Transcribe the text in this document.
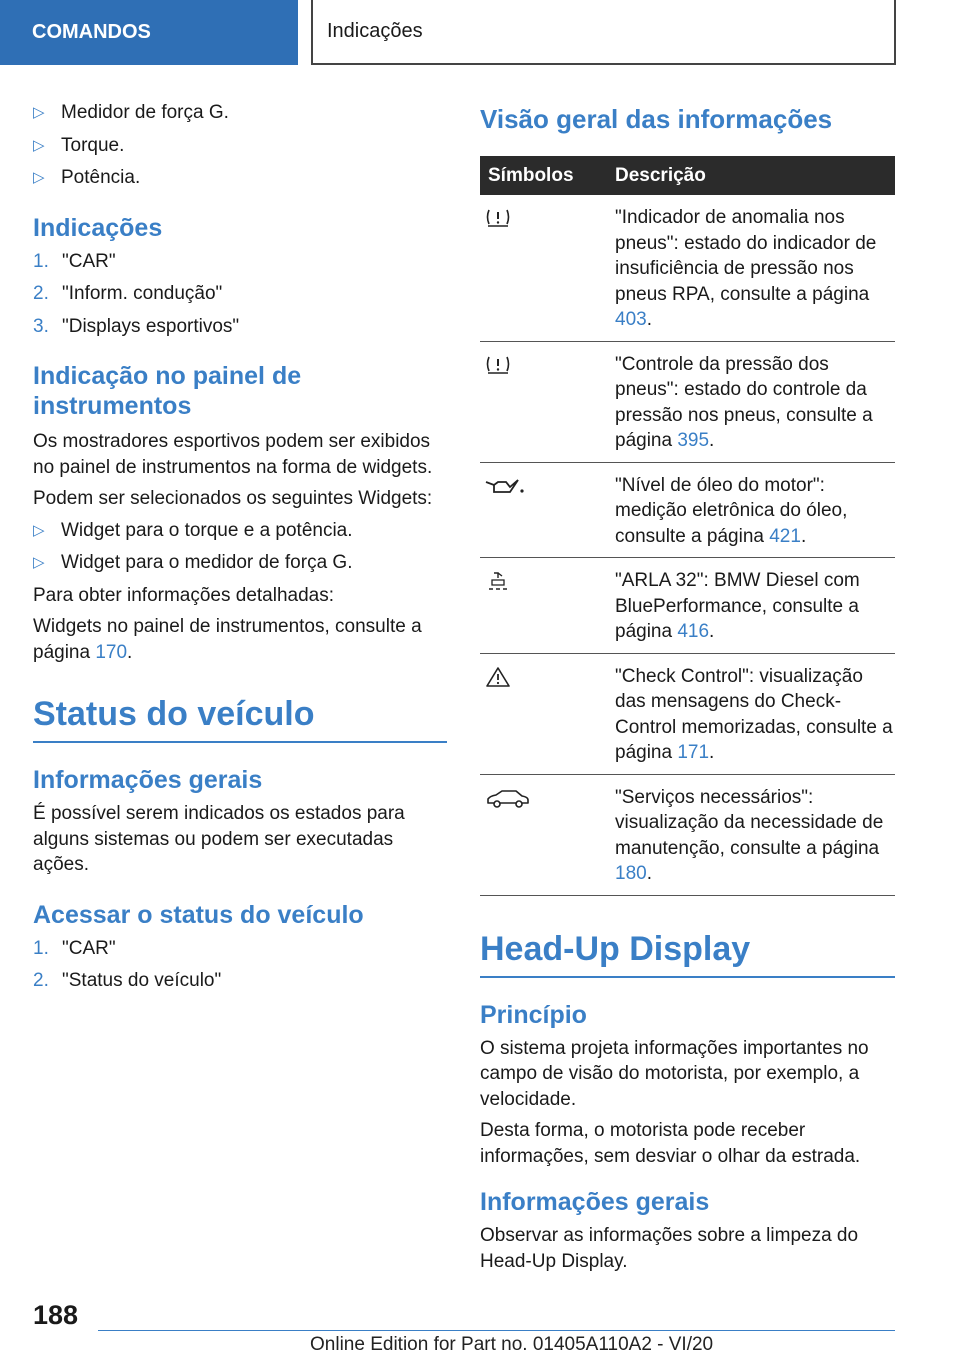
COMANDOS	Indicações
▷ Medidor de força G.
▷ Torque.
▷ Potência.
Indicações
1. "CAR"
2. "Inform. condução"
3. "Displays esportivos"
Indicação no painel de instrumentos

Os mostradores esportivos podem ser exibidos no painel de instrumentos na forma de widgets.

Podem ser selecionados os seguintes Widgets:

▷ Widget para o torque e a potência.
▷ Widget para o medidor de força G.

Para obter informações detalhadas:

Widgets no painel de instrumentos, consulte a página 170.

Status do veículo
Informações gerais

É possível serem indicados os estados para alguns sistemas ou podem ser executadas ações.

Acessar o status do veículo
1. "CAR"
2. "Status do veículo"
Visão geral das informações
Símbolos	Descrição

	"Indicador de anomalia nos pneus": estado do indicador de insuficiência de pressão nos pneus RPA, consulte a página 403.

	"Controle da pressão dos pneus": estado do controle da pressão nos pneus, consulte a página 395.

	"Nível de óleo do motor": medição eletrônica do óleo, consulte a página 421.

	"ARLA 32": BMW Diesel com BluePerformance, consulte a página 416.

	"Check Control": visualização das mensagens do Check-Control memorizadas, consulte a página 171.

	"Serviços necessários": visualização da necessidade de manutenção, consulte a página 180.
Head-Up Display
Princípio

O sistema projeta informações importantes no campo de visão do motorista, por exemplo, a velocidade.

Desta forma, o motorista pode receber informações, sem desviar o olhar da estrada.

Informações gerais

Observar as informações sobre a limpeza do Head-Up Display.

188
Online Edition for Part no. 01405A110A2 - VI/20
